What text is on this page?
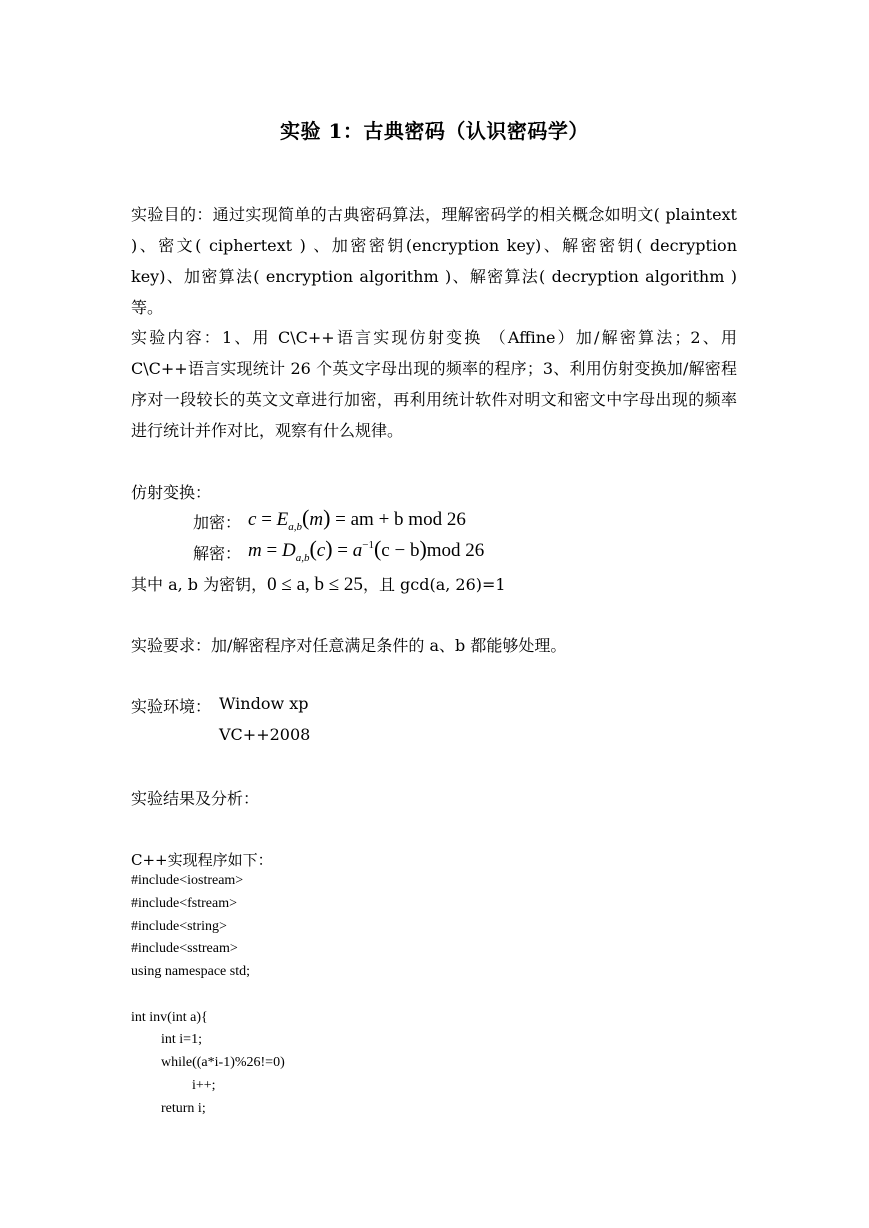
实验 1：古典密码（认识密码学）
实验目的：通过实现简单的古典密码算法，理解密码学的相关概念如明文( plaintext )、密文( ciphertext ) 、加密密钥(encryption key)、解密密钥( decryption key)、加密算法( encryption algorithm )、解密算法( decryption algorithm ) 等。
实验内容：1、用 C\C++语言实现仿射变换 （Affine）加/解密算法；2、用 C\C++语言实现统计 26 个英文字母出现的频率的程序；3、利用仿射变换加/解密程序对一段较长的英文文章进行加密，再利用统计软件对明文和密文中字母出现的频率进行统计并作对比，观察有什么规律。
仿射变换：
加密： $c = E_{a,b}(m)$ = am + b mod 26
解密： $m = D_{a,b}(c) = a^{-1}(c - b)mod$ 26
其中 a, b 为密钥，0 ≤ a, b ≤ 25，且 gcd(a, 26)=1
实验要求：加/解密程序对任意满足条件的 a、b 都能够处理。
实验环境： Window xp
VC++2008
实验结果及分析：
C++实现程序如下：
#include<iostream>
#include<fstream>
#include<string>
#include<sstream>
using namespace std;
int inv(int a){
int i=1;
while((a*i-1)%26!=0)
i++;
return i;
